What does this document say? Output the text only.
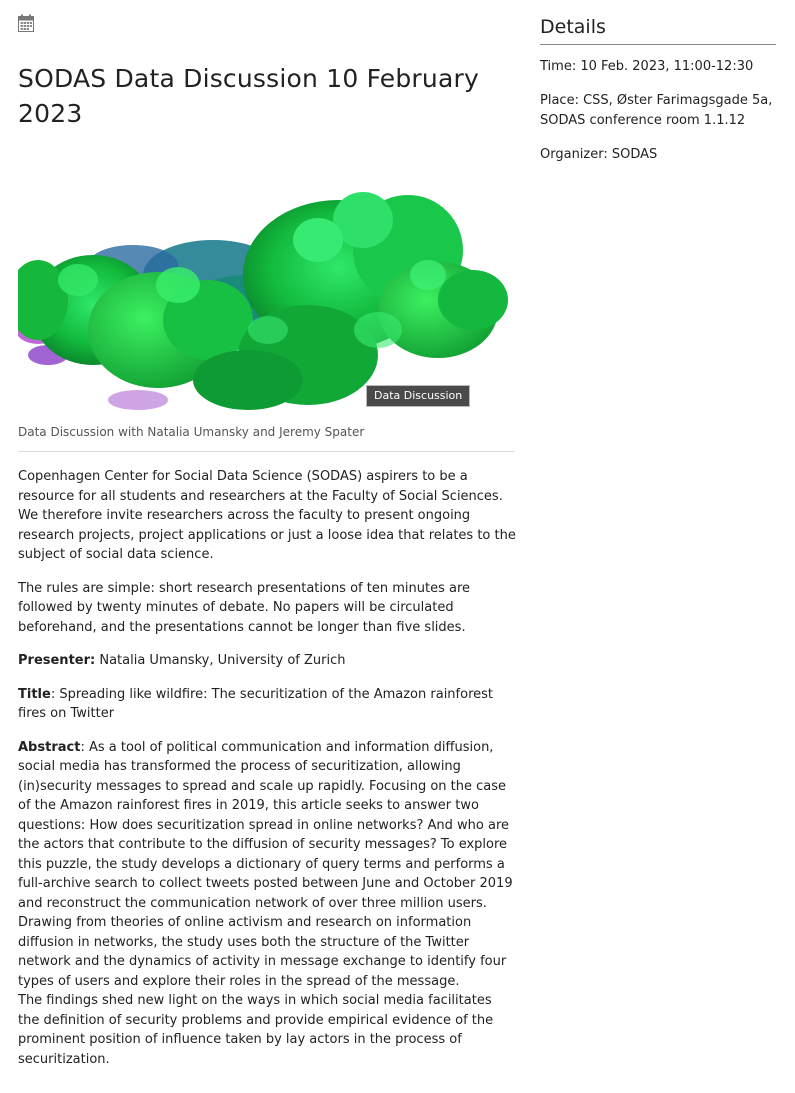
SODAS Data Discussion 10 February 2023
Data Discussion
Data Discussion with Natalia Umansky and Jeremy Spater

Copenhagen Center for Social Data Science (SODAS) aspirers to be a resource for all students and researchers at the Faculty of Social Sciences. We therefore invite researchers across the faculty to present ongoing research projects, project applications or just a loose idea that relates to the subject of social data science.

The rules are simple: short research presentations of ten minutes are followed by twenty minutes of debate. No papers will be circulated beforehand, and the presentations cannot be longer than five slides.

Presenter: Natalia Umansky, University of Zurich

Title: Spreading like wildfire: The securitization of the Amazon rainforest fires on Twitter

Abstract: As a tool of political communication and information diffusion, social media has transformed the process of securitization, allowing (in)security messages to spread and scale up rapidly. Focusing on the case of the Amazon rainforest fires in 2019, this article seeks to answer two questions: How does securitization spread in online networks? And who are the actors that contribute to the diffusion of security messages? To explore this puzzle, the study develops a dictionary of query terms and performs a full-archive search to collect tweets posted between June and October 2019 and reconstruct the communication network of over three million users. Drawing from theories of online activism and research on information diffusion in networks, the study uses both the structure of the Twitter network and the dynamics of activity in message exchange to identify four types of users and explore their roles in the spread of the message.

The findings shed new light on the ways in which social media facilitates the definition of security problems and provide empirical evidence of the prominent position of influence taken by lay actors in the process of securitization.

Details

Time: 10 Feb. 2023, 11:00-12:30

Place: CSS, Øster Farimagsgade 5a, SODAS conference room 1.1.12

Organizer: SODAS
